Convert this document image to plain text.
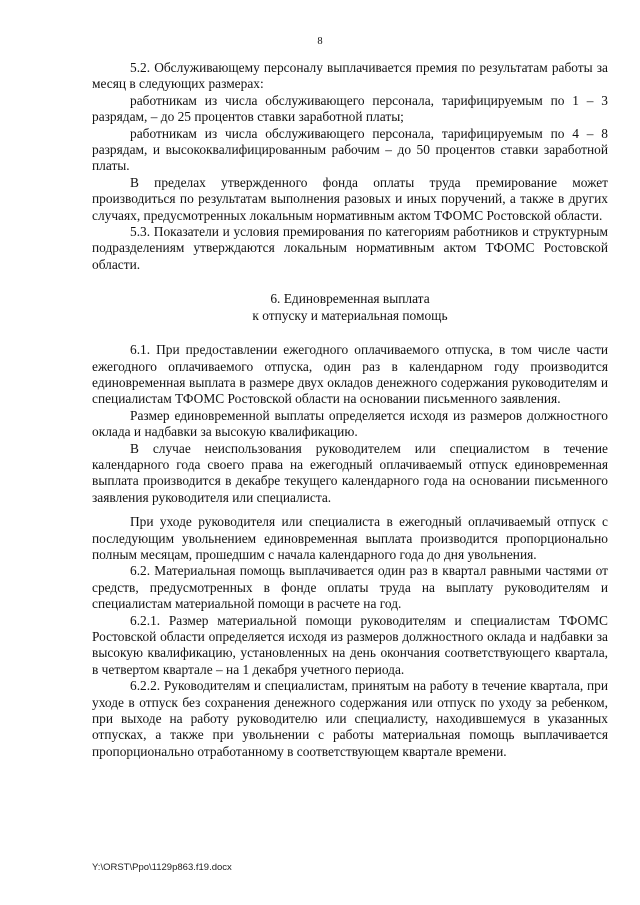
8

5.2. Обслуживающему персоналу выплачивается премия по результатам работы за месяц в следующих размерах:

работникам из числа обслуживающего персонала, тарифицируемым по 1 – 3 разрядам, – до 25 процентов ставки заработной платы;

работникам из числа обслуживающего персонала, тарифицируемым по 4 – 8 разрядам, и высококвалифицированным рабочим – до 50 процентов ставки заработной платы.

В пределах утвержденного фонда оплаты труда премирование может производиться по результатам выполнения разовых и иных поручений, а также в других случаях, предусмотренных локальным нормативным актом ТФОМС Ростовской области.

5.3. Показатели и условия премирования по категориям работников и структурным подразделениям утверждаются локальным нормативным актом ТФОМС Ростовской области.

6. Единовременная выплата
к отпуску и материальная помощь

6.1. При предоставлении ежегодного оплачиваемого отпуска, в том числе части ежегодного оплачиваемого отпуска, один раз в календарном году производится единовременная выплата в размере двух окладов денежного содержания руководителям и специалистам ТФОМС Ростовской области на основании письменного заявления.

Размер единовременной выплаты определяется исходя из размеров должностного оклада и надбавки за высокую квалификацию.

В случае неиспользования руководителем или специалистом в течение календарного года своего права на ежегодный оплачиваемый отпуск единовременная выплата производится в декабре текущего календарного года на основании письменного заявления руководителя или специалиста.

При уходе руководителя или специалиста в ежегодный оплачиваемый отпуск с последующим увольнением единовременная выплата производится пропорционально полным месяцам, прошедшим с начала календарного года до дня увольнения.

6.2. Материальная помощь выплачивается один раз в квартал равными частями от средств, предусмотренных в фонде оплаты труда на выплату руководителям и специалистам материальной помощи в расчете на год.

6.2.1. Размер материальной помощи руководителям и специалистам ТФОМС Ростовской области определяется исходя из размеров должностного оклада и надбавки за высокую квалификацию, установленных на день окончания соответствующего квартала, в четвертом квартале – на 1 декабря учетного периода.

6.2.2. Руководителям и специалистам, принятым на работу в течение квартала, при уходе в отпуск без сохранения денежного содержания или отпуск по уходу за ребенком, при выходе на работу руководителю или специалисту, находившемуся в указанных отпусках, а также при увольнении с работы материальная помощь выплачивается пропорционально отработанному в соответствующем квартале времени.

Y:\ORST\Ppo\1129p863.f19.docx
